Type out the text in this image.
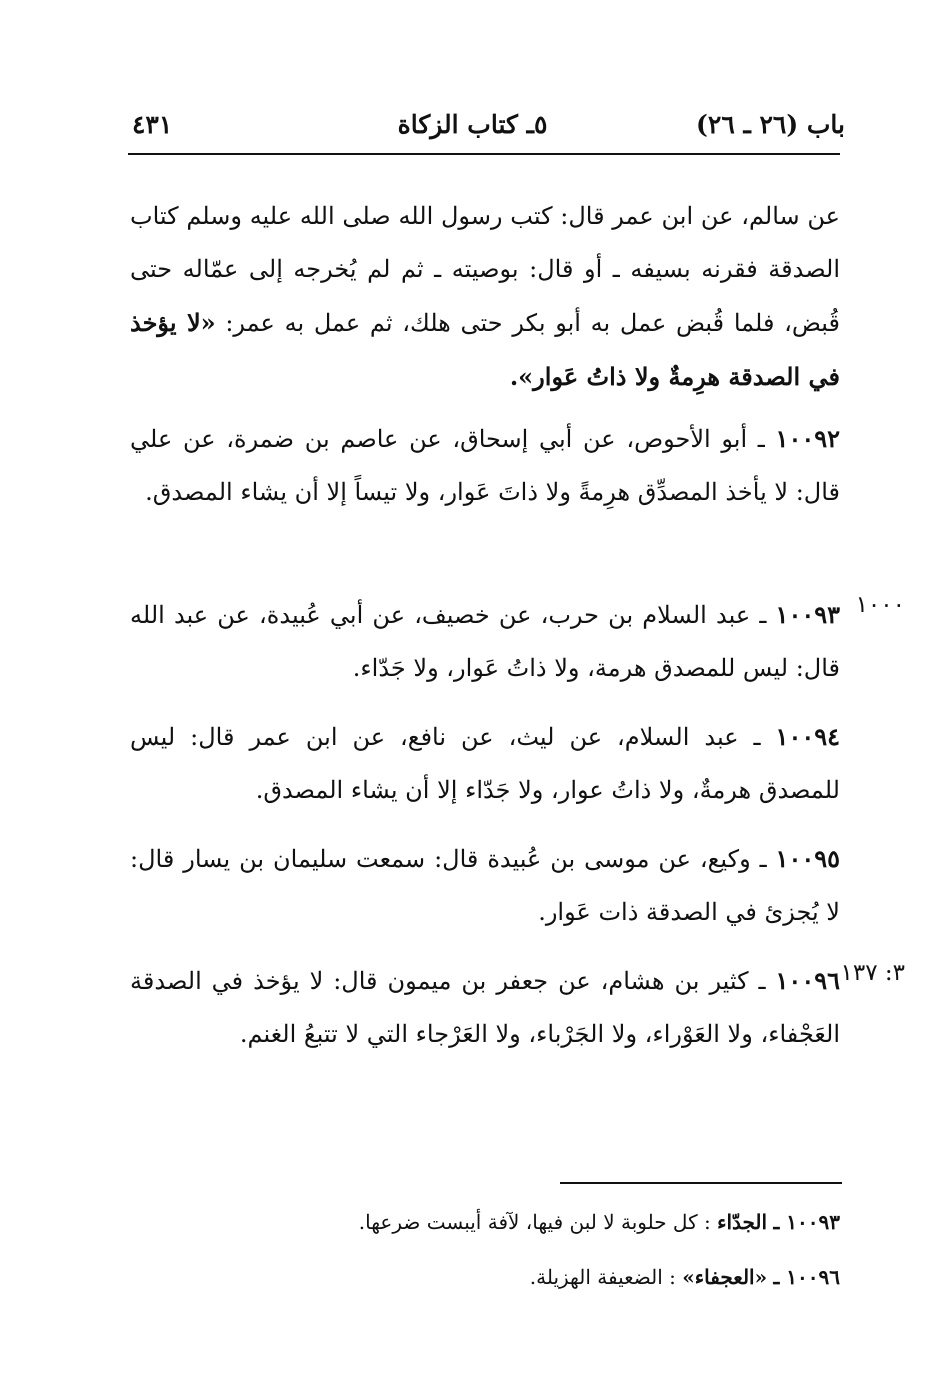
باب (٢٦ ـ ٢٦)
٥ـ كتاب الزكاة
٤٣١
عن سالم، عن ابن عمر قال: كتب رسول الله صلى الله عليه وسلم كتاب الصدقة فقرنه بسيفه ـ أو قال: بوصيته ـ ثم لم يُخرجه إلى عمّاله حتى قُبض، فلما قُبض عمل به أبو بكر حتى هلك، ثم عمل به عمر: «لا يؤخذ في الصدقة هرِمةٌ ولا ذاتُ عَوار».
١٠٠٩٢ ـ أبو الأحوص، عن أبي إسحاق، عن عاصم بن ضمرة، عن علي قال: لا يأخذ المصدِّق هرِمةً ولا ذاتَ عَوار، ولا تيساً إلا أن يشاء المصدق.
١٠٠٠
١٠٠٩٣ ـ عبد السلام بن حرب، عن خصيف، عن أبي عُبيدة، عن عبد الله قال: ليس للمصدق هرمة، ولا ذاتُ عَوار، ولا جَدّاء.
١٠٠٩٤ ـ عبد السلام، عن ليث، عن نافع، عن ابن عمر قال: ليس للمصدق هرمةٌ، ولا ذاتُ عوار، ولا جَدّاء إلا أن يشاء المصدق.
١٠٠٩٥ ـ وكيع، عن موسى بن عُبيدة قال: سمعت سليمان بن يسار قال: لا يُجزئ في الصدقة ذات عَوار.
٣: ١٣٧
١٠٠٩٦ ـ كثير بن هشام، عن جعفر بن ميمون قال: لا يؤخذ في الصدقة العَجْفاء، ولا العَوْراء، ولا الجَرْباء، ولا العَرْجاء التي لا تتبعُ الغنم.
١٠٠٩٣ ـ الجدّاء : كل حلوبة لا لبن فيها، لآفة أيبست ضرعها.
١٠٠٩٦ ـ «العجفاء» : الضعيفة الهزيلة.
